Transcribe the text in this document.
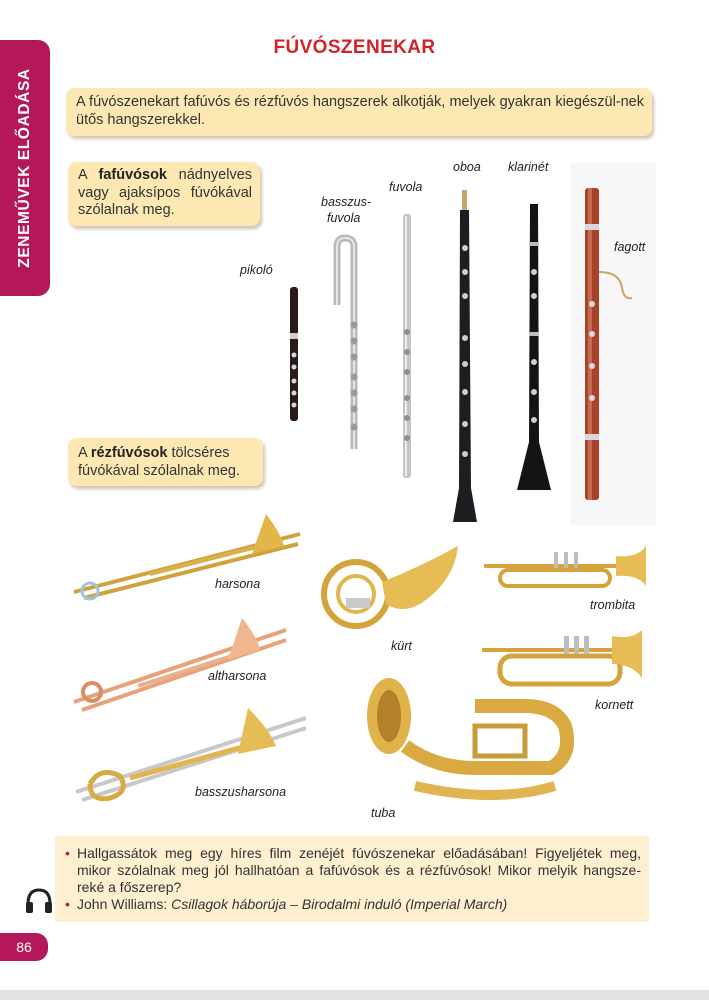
ZENEMŰVEK ELŐADÁSA
FÚVÓSZENEKAR
A fúvószenekart fafúvós és rézfúvós hangszerek alkotják, melyek gyakran kiegészül-nek ütős hangszerekkel.
A fafúvósok nádnyelves vagy ajaksípos fúvókával szólalnak meg.
A rézfúvósok tölcséres fúvókával szólalnak meg.
pikoló
basszus-
fuvola
fuvola
oboa klarinét
fagott
harsona
altharsona
basszusharsona
kürt
tuba
trombita
kornett
• Hallgassátok meg egy híres film zenéjét fúvószenekar előadásában! Figyeljétek meg, mikor szólalnak meg jól hallhatóan a fafúvósok és a rézfúvósok! Mikor melyik hangsze-reké a főszerep?
• John Williams: Csillagok háborúja – Birodalmi induló (Imperial March)
86
